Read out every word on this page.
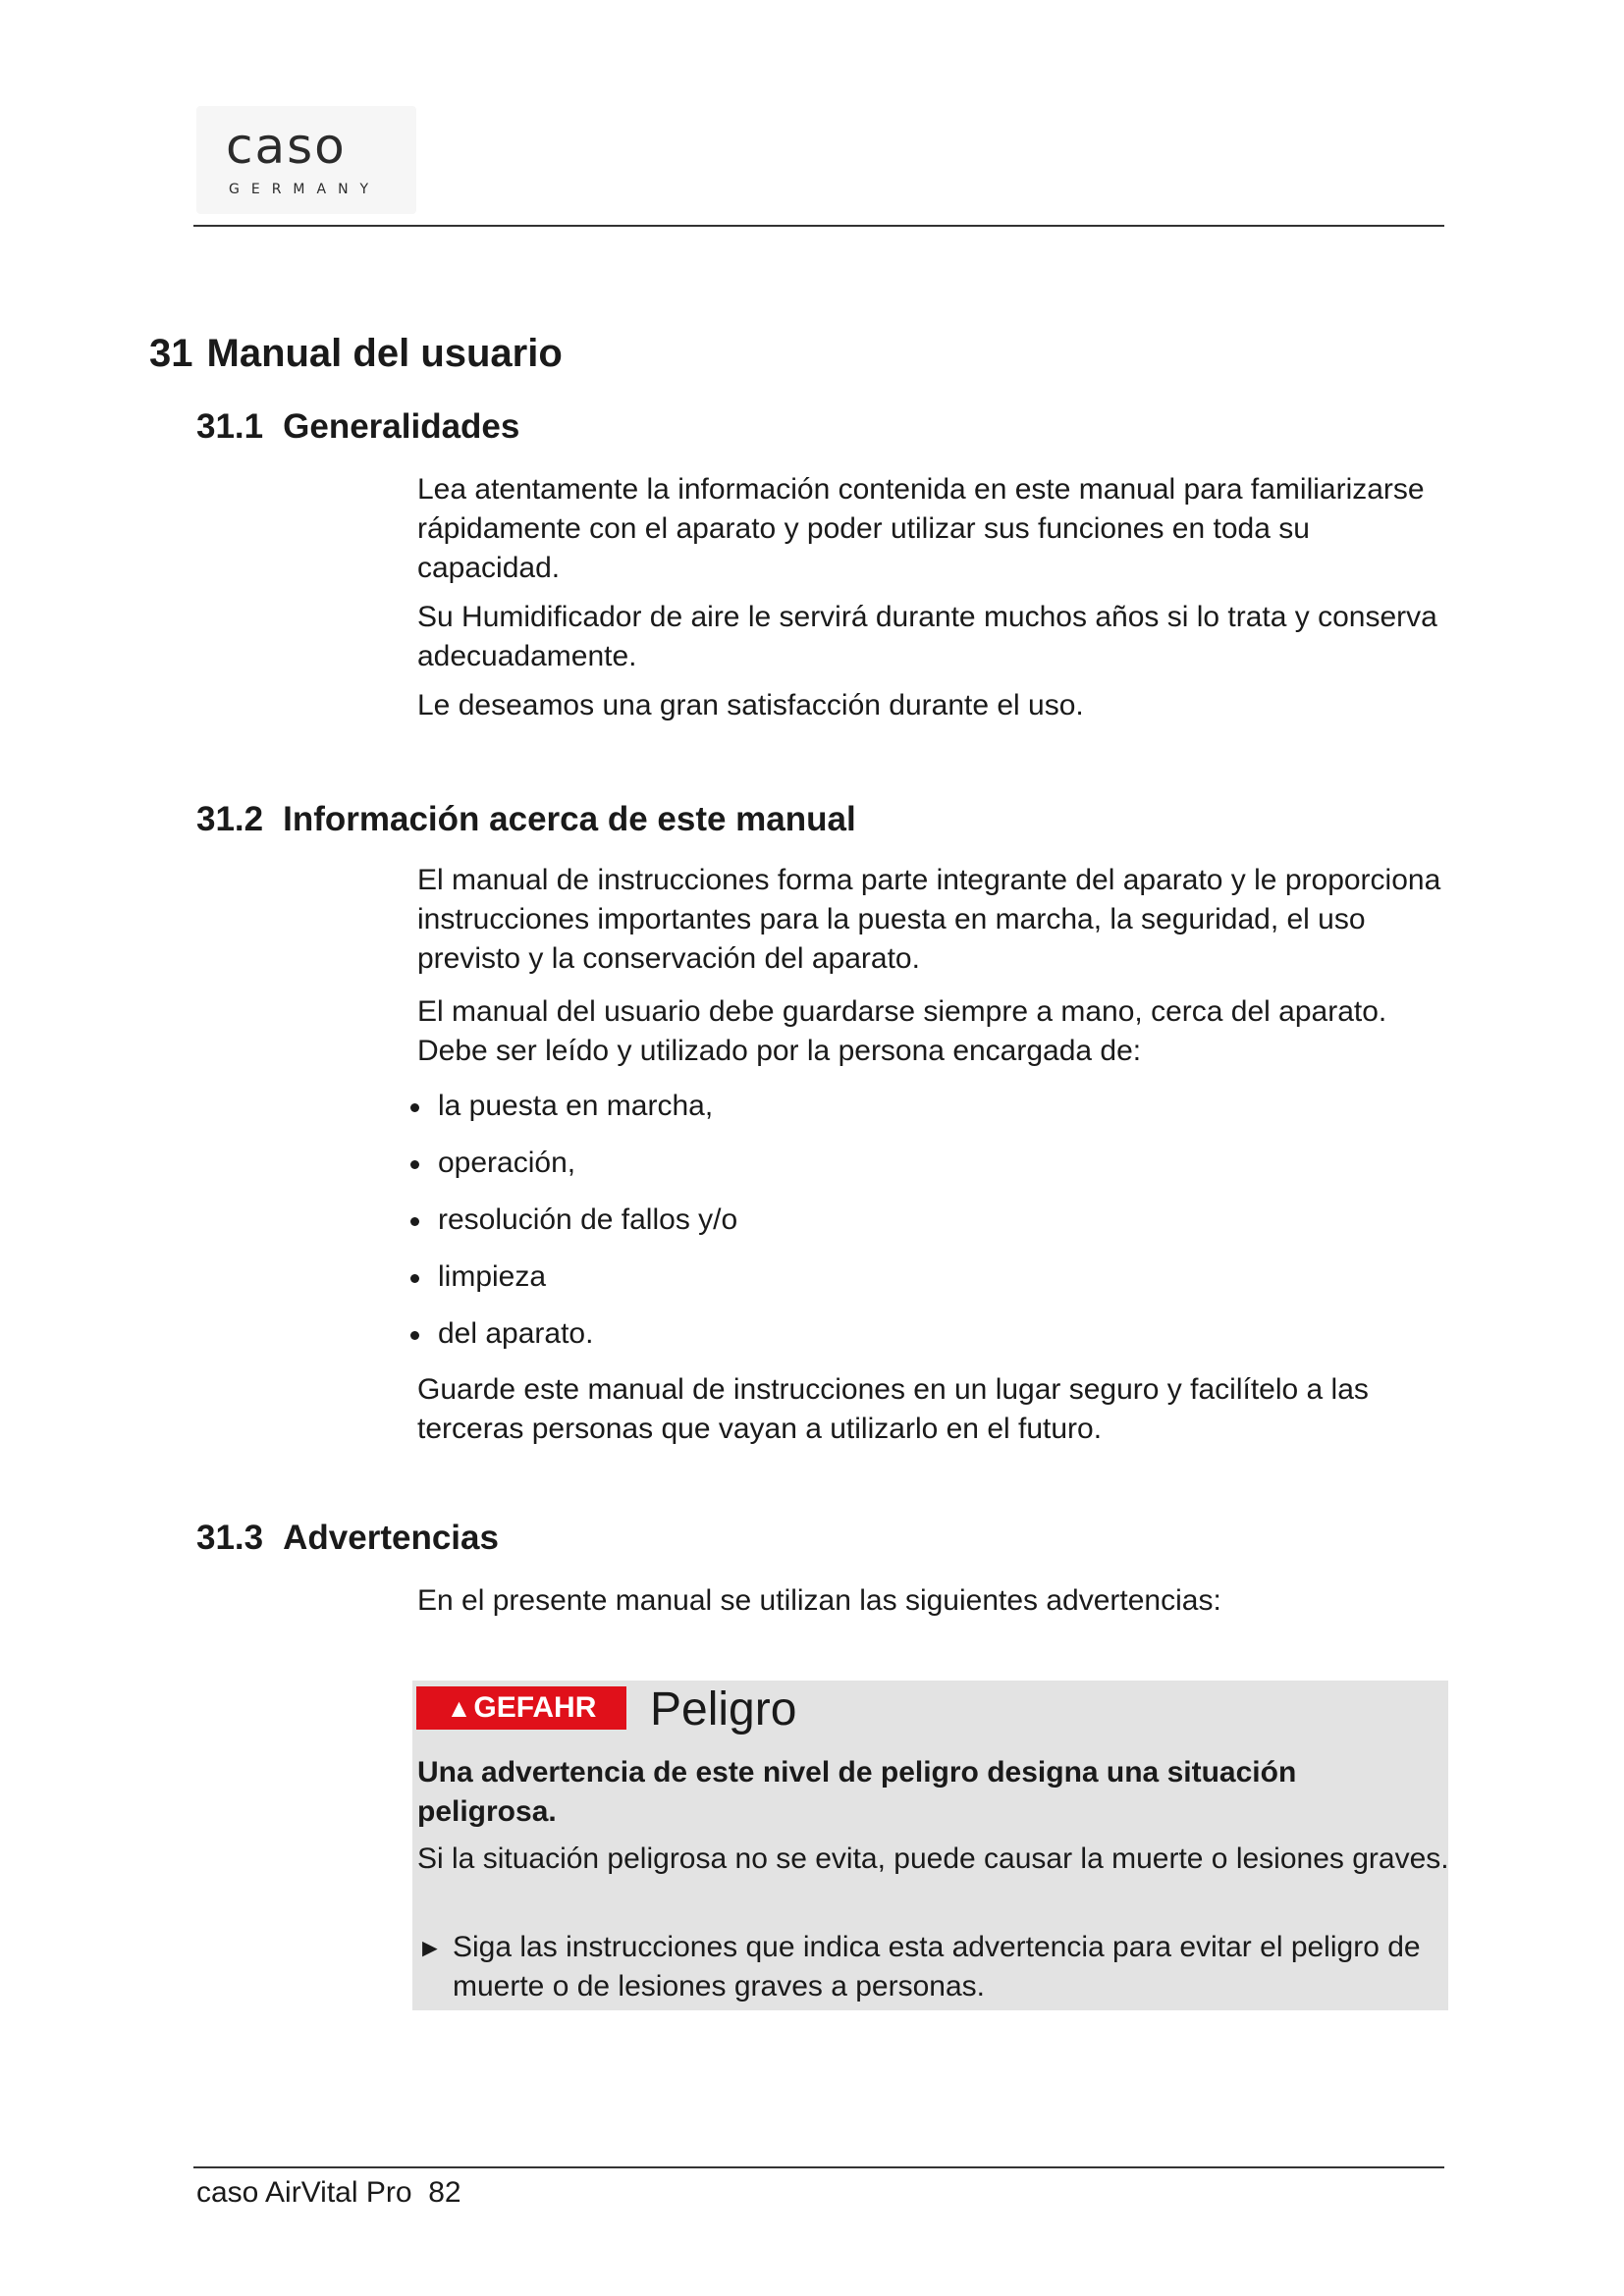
caso
GERMANY
31 Manual del usuario
31.1 Generalidades

Lea atentamente la información contenida en este manual para familiarizarse rápidamente con el aparato y poder utilizar sus funciones en toda su capacidad.

Su Humidificador de aire le servirá durante muchos años si lo trata y conserva adecuadamente.

Le deseamos una gran satisfacción durante el uso.

31.2 Información acerca de este manual

El manual de instrucciones forma parte integrante del aparato y le proporciona instrucciones importantes para la puesta en marcha, la seguridad, el uso previsto y la conservación del aparato.

El manual del usuario debe guardarse siempre a mano, cerca del aparato. Debe ser leído y utilizado por la persona encargada de:

la puesta en marcha,
operación,
resolución de fallos y/o
limpieza
del aparato.

Guarde este manual de instrucciones en un lugar seguro y facilítelo a las terceras personas que vayan a utilizarlo en el futuro.

31.3 Advertencias

En el presente manual se utilizan las siguientes advertencias:

▲GEFAHR	Peligro

Una advertencia de este nivel de peligro designa una situación peligrosa.

Si la situación peligrosa no se evita, puede causar la muerte o lesiones graves.

► Siga las instrucciones que indica esta advertencia para evitar el peligro de muerte o de lesiones graves a personas.

caso AirVital Pro 82
